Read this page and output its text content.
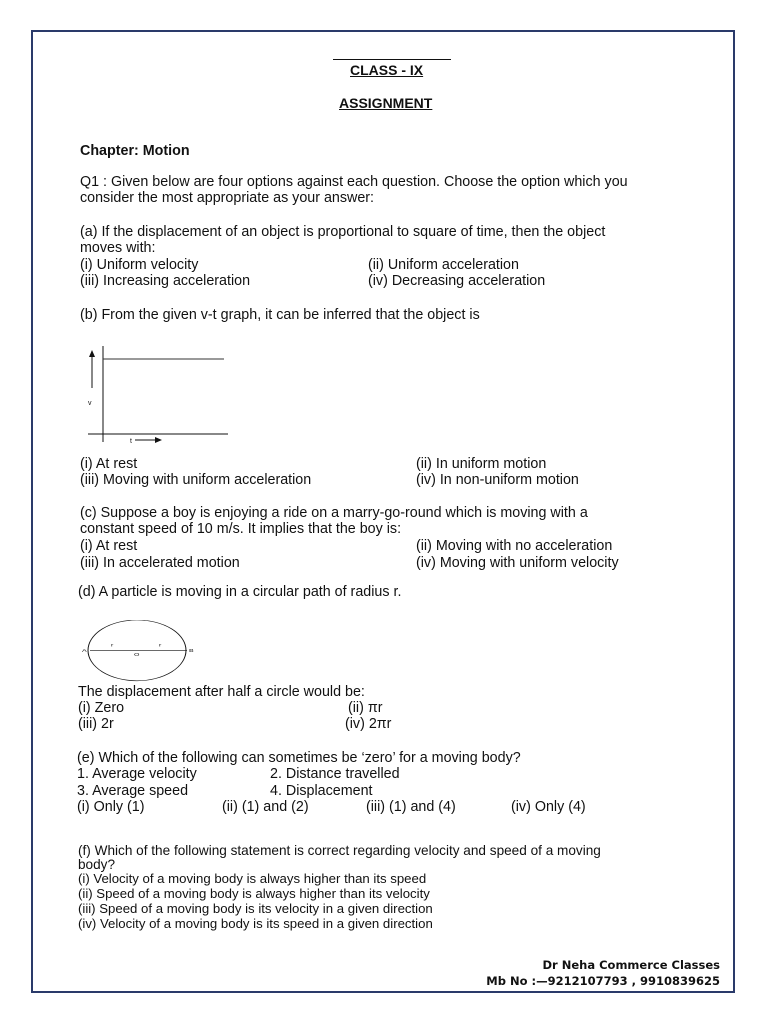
CLASS - IX
ASSIGNMENT
Chapter: Motion
Q1 : Given below are four options against each question. Choose the option which you
consider the most appropriate as your answer:
(a) If the displacement of an object is proportional to square of time, then the object
moves with:
(i) Uniform velocity	(ii) Uniform acceleration
(iii) Increasing acceleration	(iv) Decreasing acceleration
(b) From the given v-t graph, it can be inferred that the object is
v
t
(i) At rest	(ii) In uniform motion
(iii) Moving with uniform acceleration	(iv) In non-uniform motion
(c) Suppose a boy is enjoying a ride on a marry-go-round which is moving with a
constant speed of 10 m/s. It implies that the boy is:
(i) At rest	(ii) Moving with no acceleration
(iii) In accelerated motion	(iv) Moving with uniform velocity
(d) A particle is moving in a circular path of radius r.
A	B
O
r	r
The displacement after half a circle would be:
(i) Zero	(ii) πr
(iii) 2r	(iv) 2πr
(e) Which of the following can sometimes be ‘zero’ for a moving body?
1. Average velocity	2. Distance travelled
3. Average speed	4. Displacement
(i) Only (1)	(ii) (1) and (2)	(iii) (1) and (4)	(iv) Only (4)
(f) Which of the following statement is correct regarding velocity and speed of a moving
body?
(i) Velocity of a moving body is always higher than its speed
(ii) Speed of a moving body is always higher than its velocity
(iii) Speed of a moving body is its velocity in a given direction
(iv) Velocity of a moving body is its speed in a given direction
Dr Neha Commerce Classes
Mb No :—9212107793 , 9910839625
